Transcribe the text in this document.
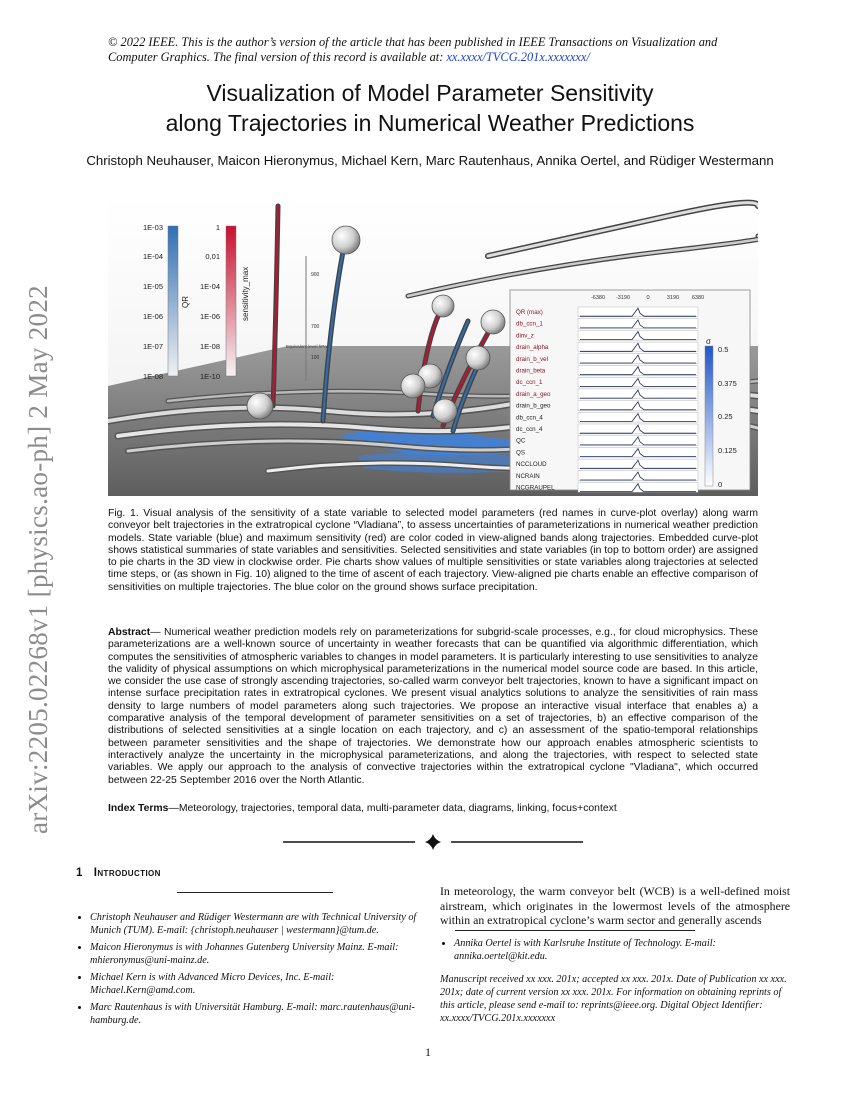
© 2022 IEEE. This is the author’s version of the article that has been published in IEEE Transactions on Visualization and Computer Graphics. The final version of this record is available at: xx.xxxx/TVCG.201x.xxxxxxx/
Visualization of Model Parameter Sensitivity
along Trajectories in Numerical Weather Predictions
Christoph Neuhauser, Maicon Hieronymus, Michael Kern, Marc Rautenhaus, Annika Oertel, and Rüdiger Westermann
arXiv:2205.02268v1 [physics.ao-ph] 2 May 2022
900
700
100
Equivalent level hPa
1E-03
1E-04
1E-05
1E-06
1E-07
1E-08
QR
1
0,01
1E-04
1E-06
1E-08
1E-10
sensitivity_max	-6380 -3190	0	3190 6380
QR (max)
db_ccn_1
dinv_z
drain_alpha
drain_b_vel
drain_beta
dc_ccn_1
drain_a_geo
drain_b_geo
db_ccn_4
dc_ccn_4
QC
QS
NCCLOUD
NCRAIN
NCGRAUPEL
σ
0.5
0.375
0.25
0.125
0
Fig. 1. Visual analysis of the sensitivity of a state variable to selected model parameters (red names in curve-plot overlay) along warm conveyor belt trajectories in the extratropical cyclone “Vladiana”, to assess uncertainties of parameterizations in numerical weather prediction models. State variable (blue) and maximum sensitivity (red) are color coded in view-aligned bands along trajectories. Embedded curve-plot shows statistical summaries of state variables and sensitivities. Selected sensitivities and state variables (in top to bottom order) are assigned to pie charts in the 3D view in clockwise order. Pie charts show values of multiple sensitivities or state variables along trajectories at selected time steps, or (as shown in Fig. 10) aligned to the time of ascent of each trajectory. View-aligned pie charts enable an effective comparison of sensitivities on multiple trajectories. The blue color on the ground shows surface precipitation.
Abstract— Numerical weather prediction models rely on parameterizations for subgrid-scale processes, e.g., for cloud microphysics. These parameterizations are a well-known source of uncertainty in weather forecasts that can be quantified via algorithmic differentiation, which computes the sensitivities of atmospheric variables to changes in model parameters. It is particularly interesting to use sensitivities to analyze the validity of physical assumptions on which microphysical parameterizations in the numerical model source code are based. In this article, we consider the use case of strongly ascending trajectories, so-called warm conveyor belt trajectories, known to have a significant impact on intense surface precipitation rates in extratropical cyclones. We present visual analytics solutions to analyze the sensitivities of rain mass density to large numbers of model parameters along such trajectories. We propose an interactive visual interface that enables a) a comparative analysis of the temporal development of parameter sensitivities on a set of trajectories, b) an effective comparison of the distributions of selected sensitivities at a single location on each trajectory, and c) an assessment of the spatio-temporal relationships between parameter sensitivities and the shape of trajectories. We demonstrate how our approach enables atmospheric scientists to interactively analyze the uncertainty in the microphysical parameterizations, and along the trajectories, with respect to selected state variables. We apply our approach to the analysis of convective trajectories within the extratropical cyclone "Vladiana", which occurred between 22-25 September 2016 over the North Atlantic.
Index Terms—Meteorology, trajectories, temporal data, multi-parameter data, diagrams, linking, focus+context
1 Introduction
• Christoph Neuhauser and Rüdiger Westermann are with Technical University of Munich (TUM). E-mail: {christoph.neuhauser | westermann}@tum.de.
• Maicon Hieronymus is with Johannes Gutenberg University Mainz. E-mail: mhieronymus@uni-mainz.de.
• Michael Kern is with Advanced Micro Devices, Inc. E-mail: Michael.Kern@amd.com.
• Marc Rautenhaus is with Universität Hamburg. E-mail: marc.rautenhaus@uni-hamburg.de.
In meteorology, the warm conveyor belt (WCB) is a well-defined moist airstream, which originates in the lowermost levels of the atmosphere within an extratropical cyclone’s warm sector and generally ascends
• Annika Oertel is with Karlsruhe Institute of Technology. E-mail: annika.oertel@kit.edu.
Manuscript received xx xxx. 201x; accepted xx xxx. 201x. Date of Publication xx xxx. 201x; date of current version xx xxx. 201x. For information on obtaining reprints of this article, please send e-mail to: reprints@ieee.org. Digital Object Identifier: xx.xxxx/TVCG.201x.xxxxxxx
1
